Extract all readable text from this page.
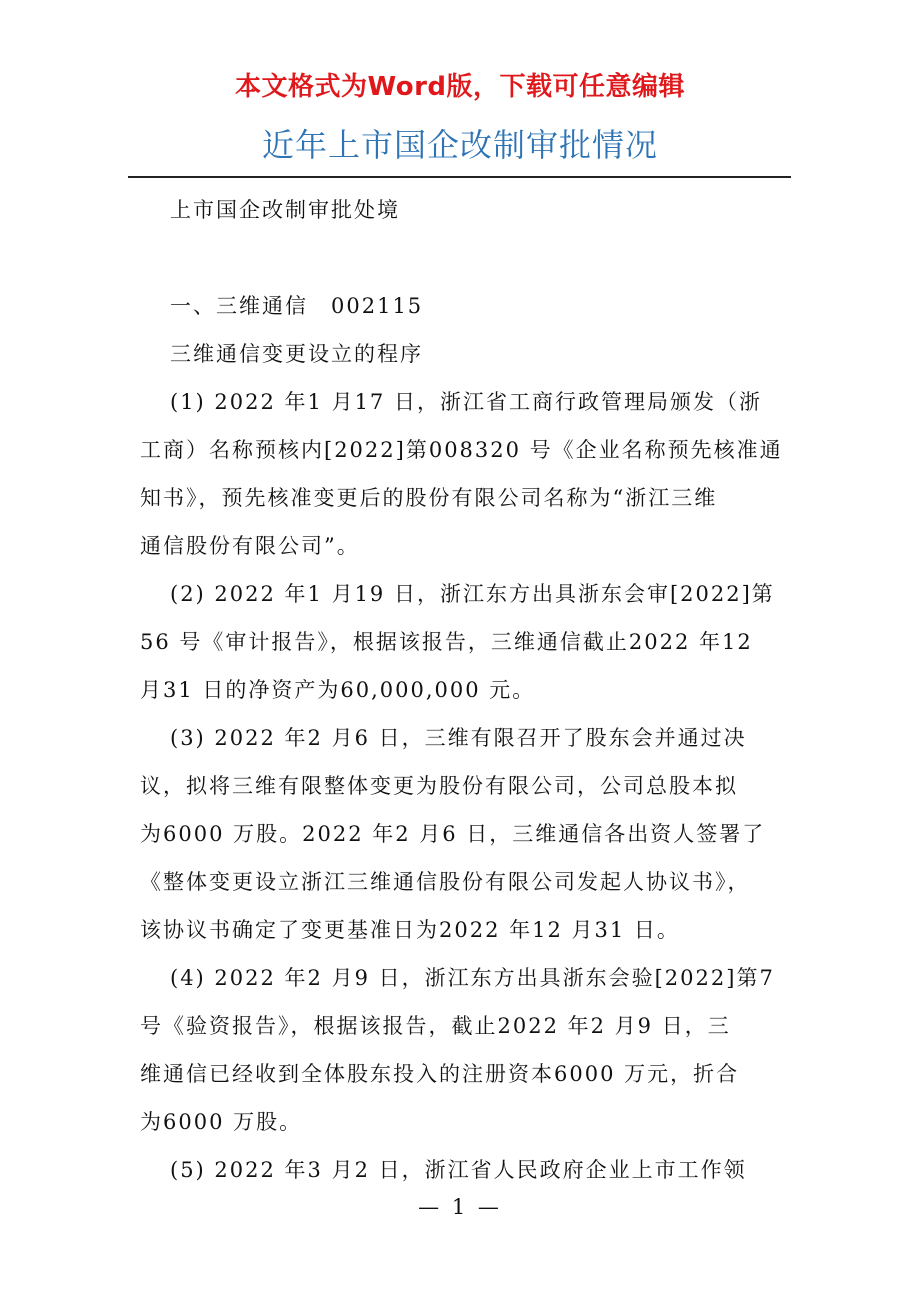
本文格式为Word版，下载可任意编辑
近年上市国企改制审批情况

上市国企改制审批处境

一、三维通信　002115

三维通信变更设立的程序

(1) 2022 年1 月17 日，浙江省工商行政管理局颁发（浙

工商）名称预核内[2022]第008320 号《企业名称预先核准通

知书》，预先核准变更后的股份有限公司名称为“浙江三维

通信股份有限公司”。

(2) 2022 年1 月19 日，浙江东方出具浙东会审[2022]第

56 号《审计报告》，根据该报告，三维通信截止2022 年12

月31 日的净资产为60,000,000 元。

(3) 2022 年2 月6 日，三维有限召开了股东会并通过决

议，拟将三维有限整体变更为股份有限公司，公司总股本拟

为6000 万股。2022 年2 月6 日，三维通信各出资人签署了

《整体变更设立浙江三维通信股份有限公司发起人协议书》，

该协议书确定了变更基准日为2022 年12 月31 日。

(4) 2022 年2 月9 日，浙江东方出具浙东会验[2022]第7

号《验资报告》，根据该报告，截止2022 年2 月9 日，三

维通信已经收到全体股东投入的注册资本6000 万元，折合

为6000 万股。

(5) 2022 年3 月2 日，浙江省人民政府企业上市工作领

— 1 —
